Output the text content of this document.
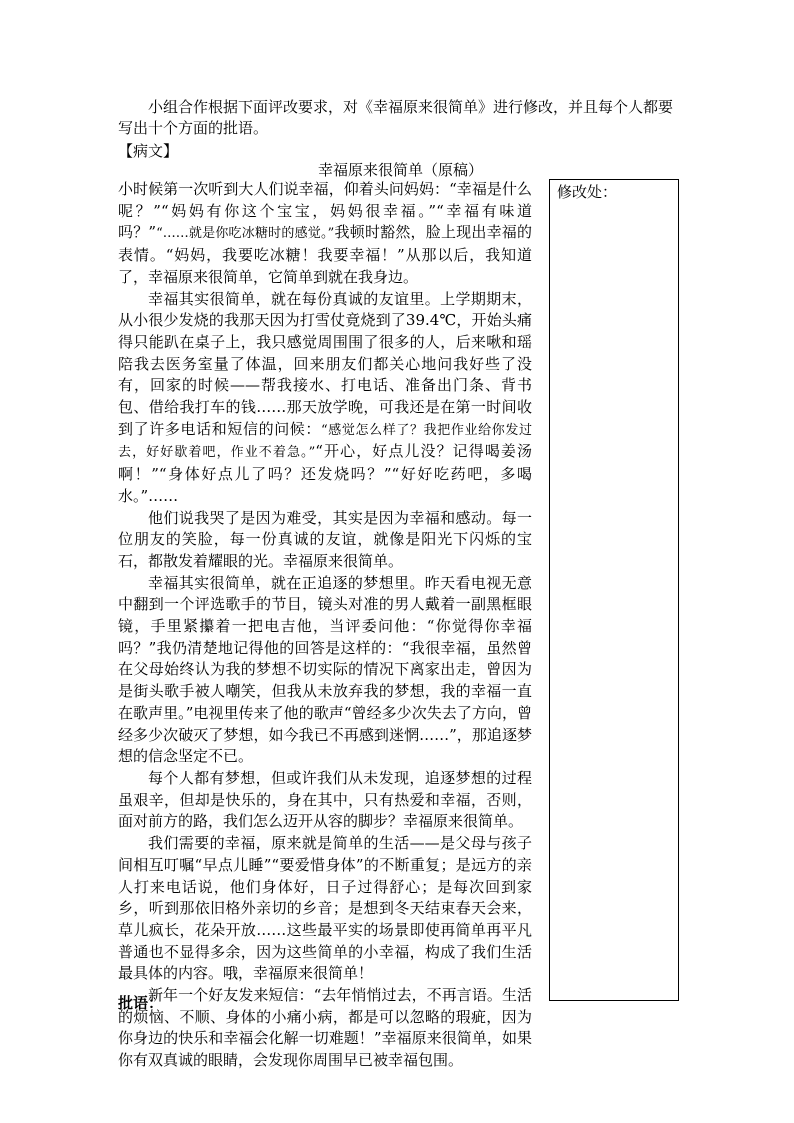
小组合作根据下面评改要求，对《幸福原来很简单》进行修改，并且每个人都要写出十个方面的批语。

【病文】

幸福原来很简单（原稿）

小时候第一次听到大人们说幸福，仰着头问妈妈：“幸福是什么呢？”“妈妈有你这个宝宝，妈妈很幸福。”“幸福有味道吗？”“……就是你吃冰糖时的感觉。”我顿时豁然，脸上现出幸福的表情。“妈妈，我要吃冰糖！我要幸福！”从那以后，我知道了，幸福原来很简单，它简单到就在我身边。

幸福其实很简单，就在每份真诚的友谊里。上学期期末，从小很少发烧的我那天因为打雪仗竟烧到了39.4℃，开始头痛得只能趴在桌子上，我只感觉周围围了很多的人，后来啾和瑶陪我去医务室量了体温，回来朋友们都关心地问我好些了没有，回家的时候——帮我接水、打电话、准备出门条、背书包、借给我打车的钱……那天放学晚，可我还是在第一时间收到了许多电话和短信的问候：“感觉怎么样了？我把作业给你发过去，好好歇着吧，作业不着急。”“开心，好点儿没？记得喝姜汤啊！”“身体好点儿了吗？还发烧吗？”“好好吃药吧，多喝水。”……

他们说我哭了是因为难受，其实是因为幸福和感动。每一位朋友的笑脸，每一份真诚的友谊，就像是阳光下闪烁的宝石，都散发着耀眼的光。幸福原来很简单。

幸福其实很简单，就在正追逐的梦想里。昨天看电视无意中翻到一个评选歌手的节目，镜头对准的男人戴着一副黑框眼镜，手里紧攥着一把电吉他，当评委问他：“你觉得你幸福吗？”我仍清楚地记得他的回答是这样的：“我很幸福，虽然曾在父母始终认为我的梦想不切实际的情况下离家出走，曾因为是街头歌手被人嘲笑，但我从未放弃我的梦想，我的幸福一直在歌声里。”电视里传来了他的歌声“曾经多少次失去了方向，曾经多少次破灭了梦想，如今我已不再感到迷惘……”，那追逐梦想的信念坚定不已。

每个人都有梦想，但或许我们从未发现，追逐梦想的过程虽艰辛，但却是快乐的，身在其中，只有热爱和幸福，否则，面对前方的路，我们怎么迈开从容的脚步？幸福原来很简单。

我们需要的幸福，原来就是简单的生活——是父母与孩子间相互叮嘱“早点儿睡”“要爱惜身体”的不断重复；是远方的亲人打来电话说，他们身体好，日子过得舒心；是每次回到家乡，听到那依旧格外亲切的乡音；是想到冬天结束春天会来，草儿疯长，花朵开放……这些最平实的场景即使再简单再平凡普通也不显得多余，因为这些简单的小幸福，构成了我们生活最具体的内容。哦，幸福原来很简单！

新年一个好友发来短信：“去年悄悄过去，不再言语。生活的烦恼、不顺、身体的小痛小病，都是可以忽略的瑕疵，因为你身边的快乐和幸福会化解一切难题！”幸福原来很简单，如果你有双真诚的眼睛，会发现你周围早已被幸福包围。

修改处：

批语：
